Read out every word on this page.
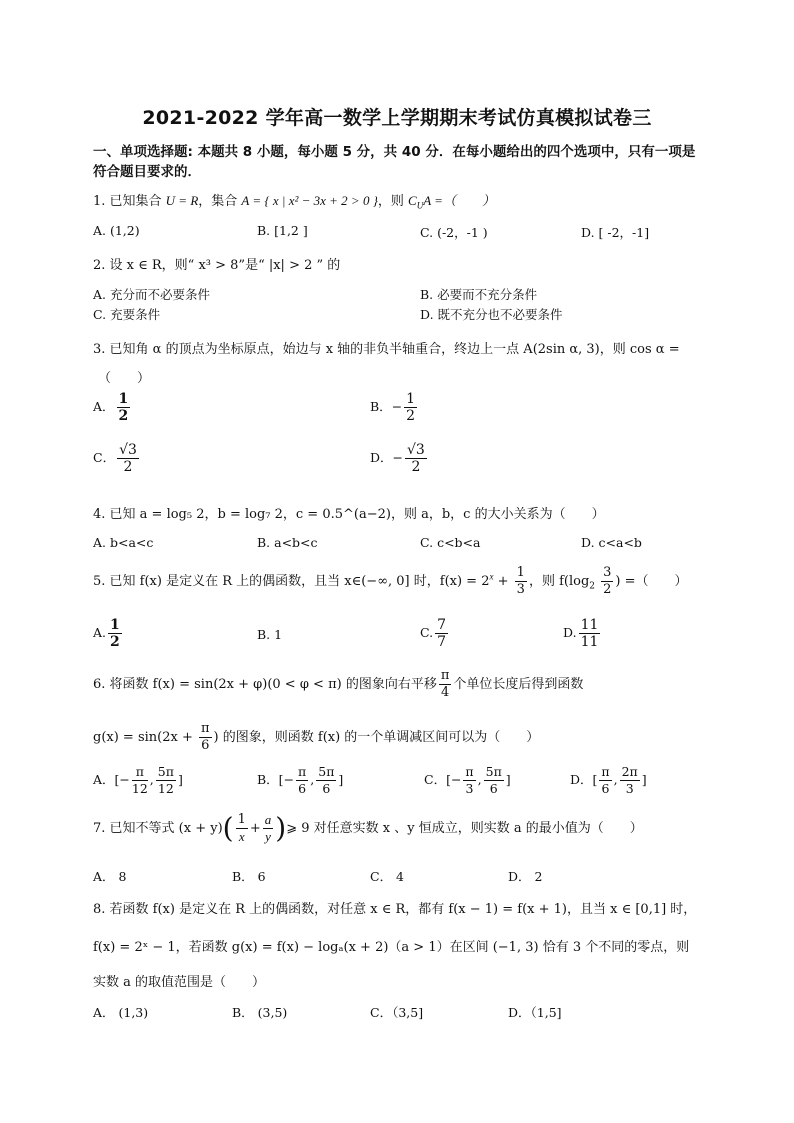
2021-2022 学年高一数学上学期期末考试仿真模拟试卷三
一、单项选择题: 本题共 8 小题，每小题 5 分，共 40 分．在每小题给出的四个选项中，只有一项是
符合题目要求的．
1. 已知集合 U = R，集合 A = { x | x² − 3x + 2 > 0 }，则 $C_UA$ =（　　）
A. (1,2)	B. [1,2 ]	C. (-2，-1 )	D. [ -2，-1]
2. 设 x ∈ R，则“ x³ > 8”是“ |x| > 2 ” 的
A. 充分而不必要条件	B. 必要而不充分条件
C. 充要条件	D. 既不充分也不必要条件
3. 已知角 α 的顶点为坐标原点，始边与 x 轴的非负半轴重合，终边上一点 A(2sin α, 3)，则 cos α =
（　　）
A． $\frac{1}{2}$	B．− $\frac{1}{2}$
C． $\frac{√3}{2}$	D．− $\frac{√3}{2}$
4. 已知 a = log₅ 2，b = log₇ 2，c = 0.5^(a−2)，则 a，b，c 的大小关系为（　　）
A. b<a<c	B. a<b<c	C. c<b<a	D. c<a<b
5. 已知 f(x) 是定义在 R 上的偶函数，且当 x∈(−∞, 0] 时，$f(x) = 2^x + \frac{1}{3}$ ，则 $f(\log_2 \frac{3}{2}$ ) =（　　）
A. $\frac{1}{2}$	B. 1	C. $\frac{7}{7}$	D. $\frac{11}{11}$
6. 将函数 f(x) = sin(2x + φ)(0 < φ < π) 的图象向右平移 $\frac{\pi}{4}$ 个单位长度后得到函数
$g(x) = \sin(2x + \frac{\pi}{6}$ ) 的图象，则函数 f(x) 的一个单调减区间可以为（　　）
A．[− $\frac{\pi}{12}$ , $\frac{5\pi}{12}$ ]	B．[− $\frac{\pi}{6}$ , $\frac{5\pi}{6}$ ]	C．[− $\frac{\pi}{3}$ , $\frac{5\pi}{6}$ ]	D．[ $\frac{\pi}{6}$ , $\frac{2\pi}{3}$ ]
7. 已知不等式 $(x + y)( \frac{1}{x} + \frac{a}{y}$ )⩾ 9 对任意实数 x 、y 恒成立，则实数 a 的最小值为（　　）
A． 8	B． 6	C． 4	D． 2
8. 若函数 f(x) 是定义在 R 上的偶函数，对任意 x ∈ R，都有 f(x − 1) = f(x + 1)，且当 x ∈ [0,1] 时，
f(x) = 2ˣ − 1，若函数 g(x) = f(x) − logₐ(x + 2)（a > 1）在区间 (−1, 3) 恰有 3 个不同的零点，则
实数 a 的取值范围是（　　）
A． (1,3)	B． (3,5)	C．（3,5]	D．（1,5]
